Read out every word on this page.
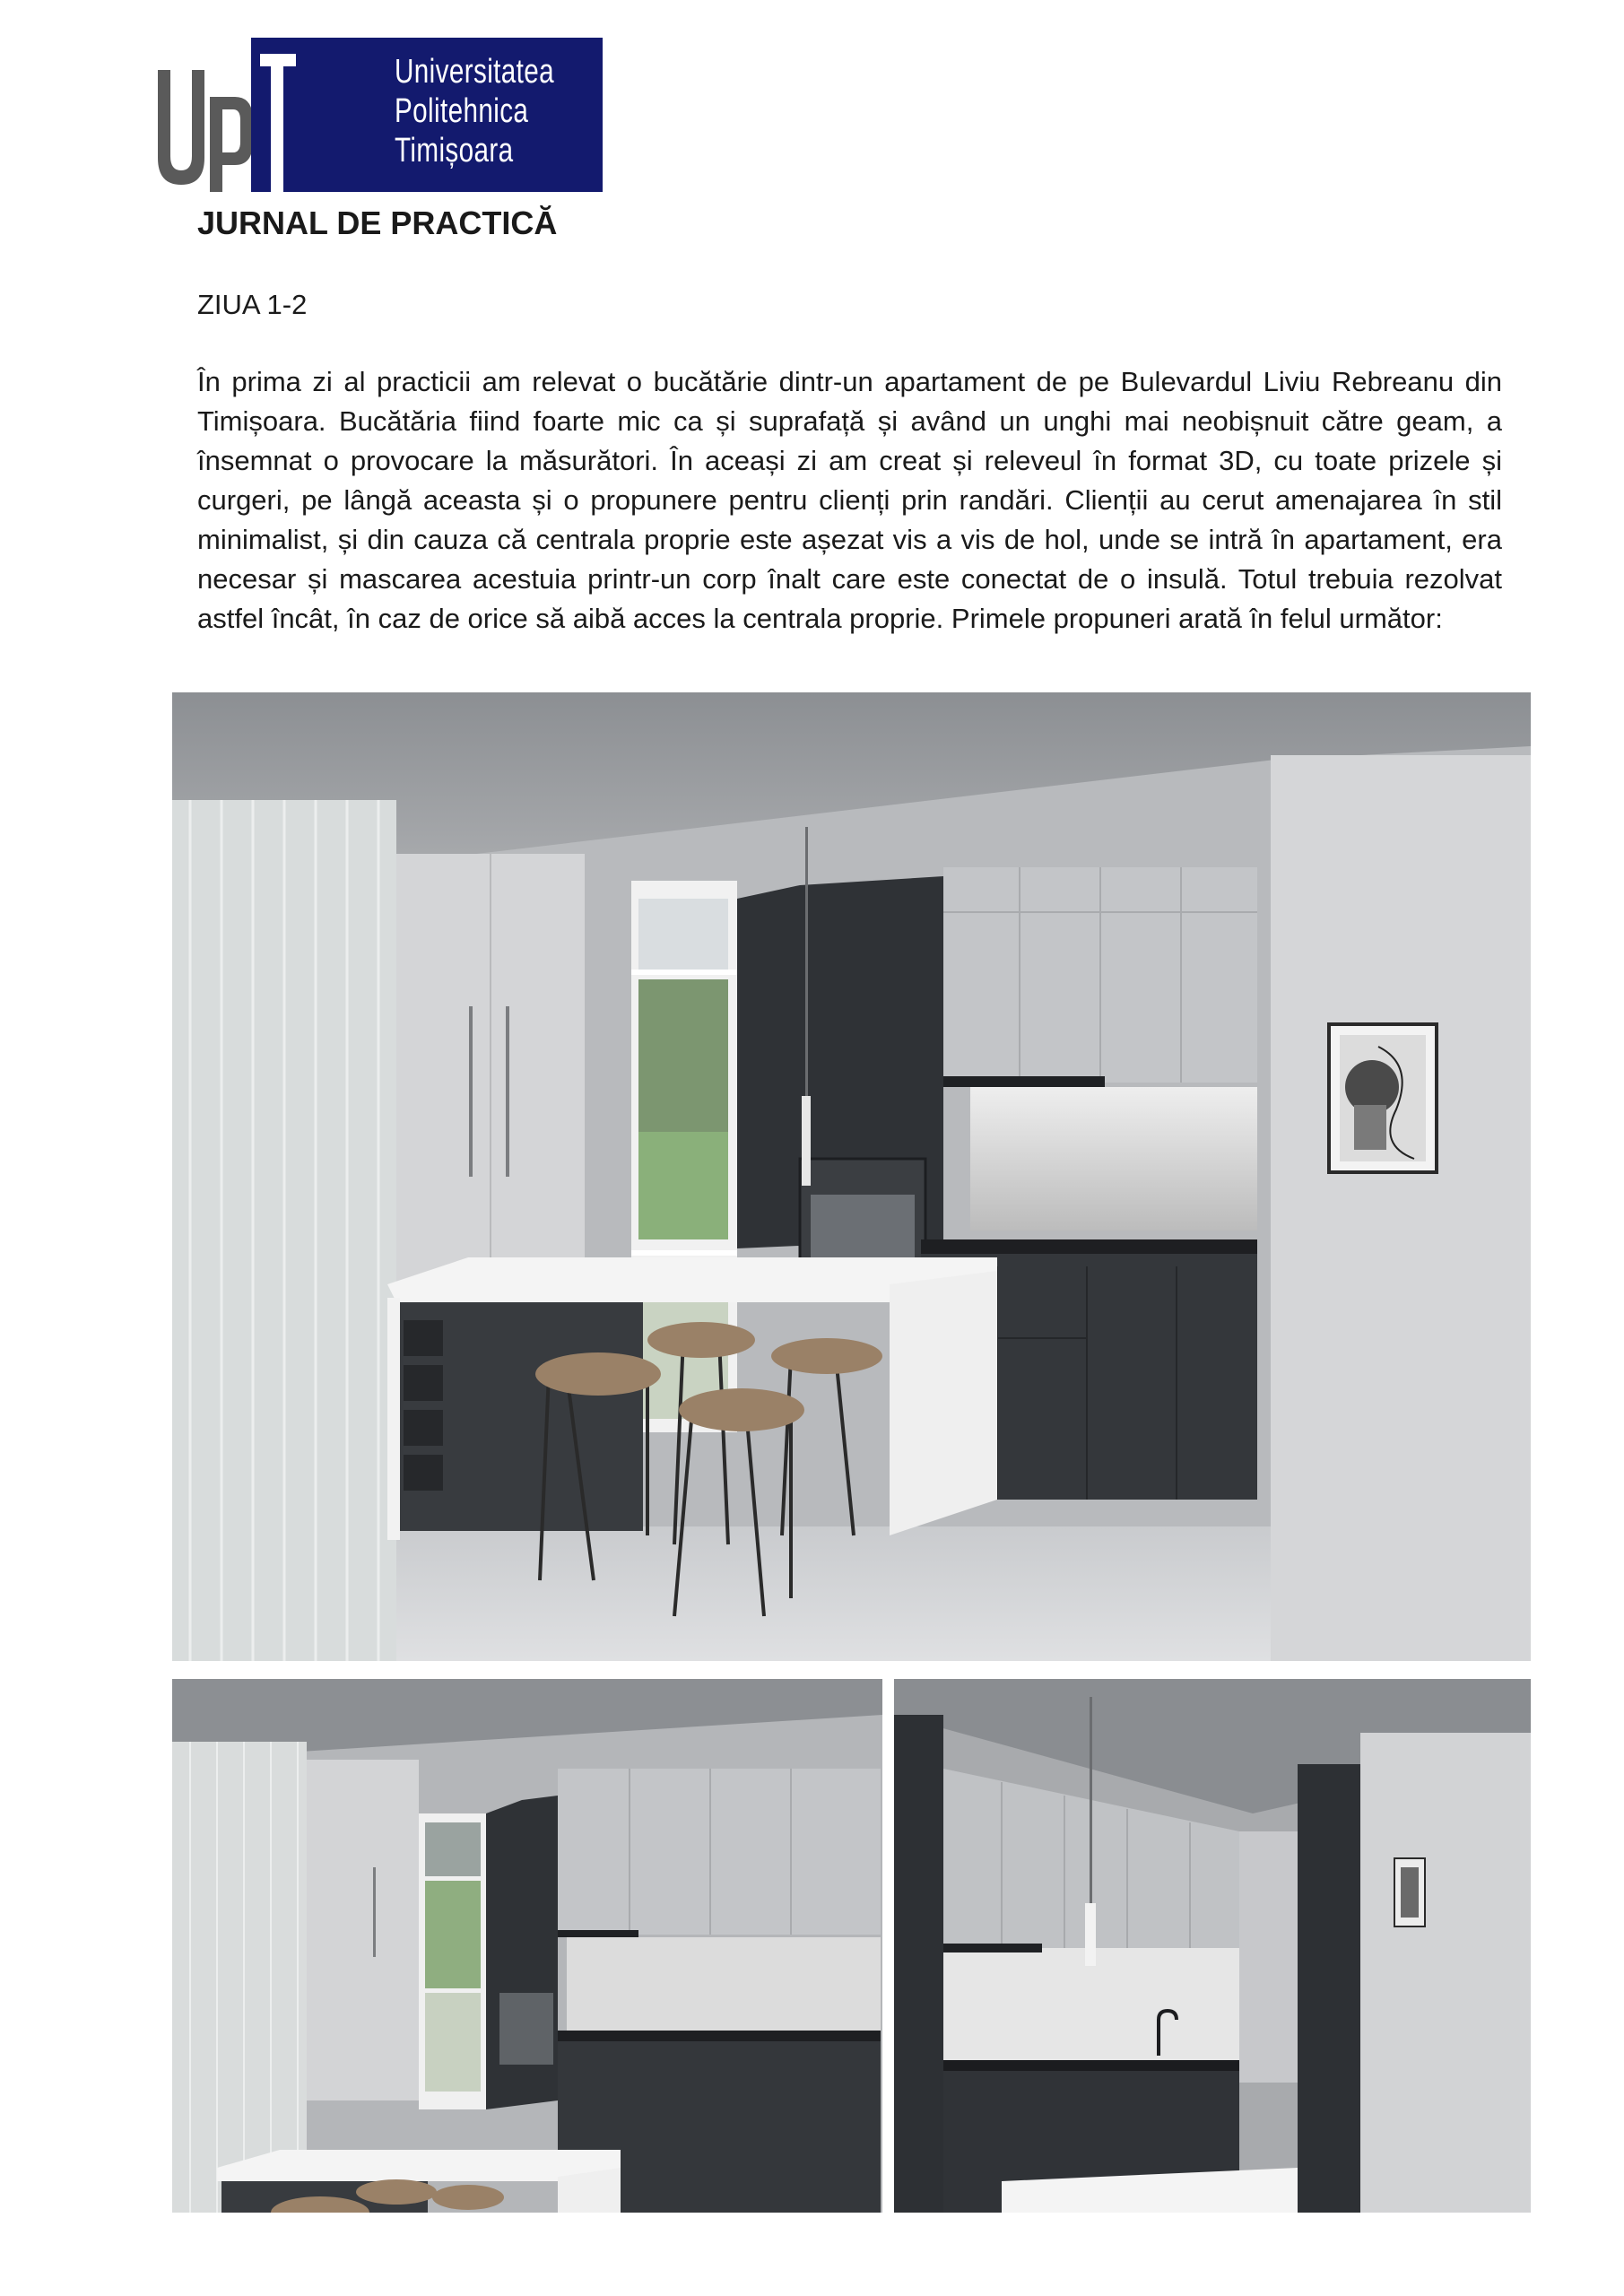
Universitatea
Politehnica
Timișoara
JURNAL DE PRACTICĂ
ZIUA 1-2

În prima zi al practicii am relevat o bucătărie dintr-un apartament de pe Bulevardul Liviu Rebreanu din Timișoara. Bucătăria fiind foarte mic ca și suprafață și având un unghi mai neobișnuit către geam, a însemnat o provocare la măsurători. În aceași zi am creat și releveul în format 3D, cu toate prizele și curgeri, pe lângă aceasta și o propunere pentru clienți prin randări. Clienții au cerut amenajarea în stil minimalist, și din cauza că centrala proprie este așezat vis a vis de hol, unde se intră în apartament, era necesar și mascarea acestuia printr-un corp înalt care este conectat de o insulă. Totul trebuia rezolvat astfel încât, în caz de orice să aibă acces la centrala proprie. Primele propuneri arată în felul următor:
